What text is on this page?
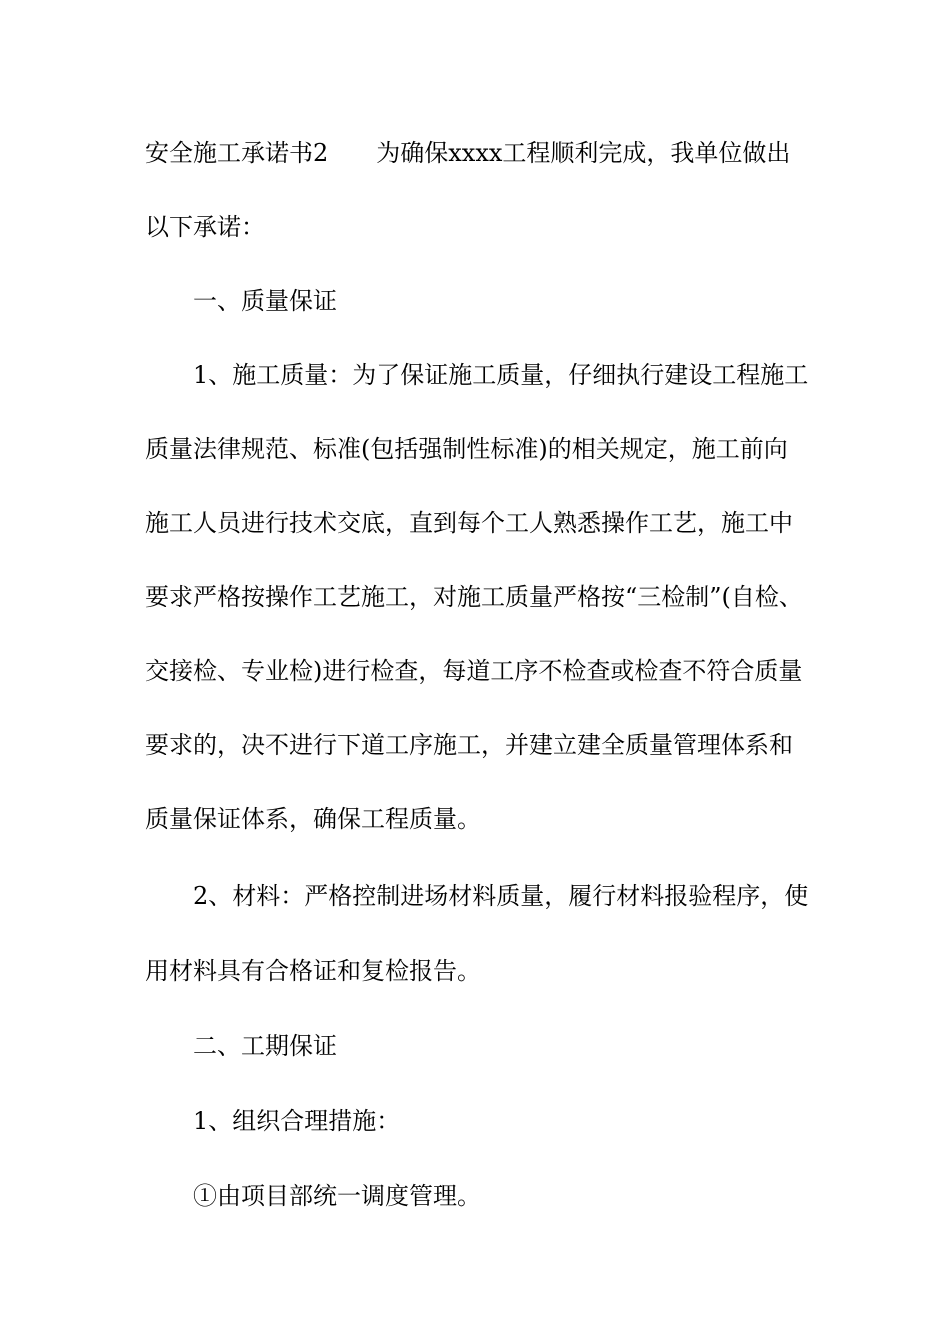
安全施工承诺书2　　为确保xxxx工程顺利完成，我单位做出
以下承诺：
一、质量保证
1、施工质量：为了保证施工质量，仔细执行建设工程施工
质量法律规范、标准(包括强制性标准)的相关规定，施工前向
施工人员进行技术交底，直到每个工人熟悉操作工艺，施工中
要求严格按操作工艺施工，对施工质量严格按“三检制”(自检、
交接检、专业检)进行检查，每道工序不检查或检查不符合质量
要求的，决不进行下道工序施工，并建立建全质量管理体系和
质量保证体系，确保工程质量。
2、材料：严格控制进场材料质量，履行材料报验程序，使
用材料具有合格证和复检报告。
二、工期保证
1、组织合理措施：
①由项目部统一调度管理。
